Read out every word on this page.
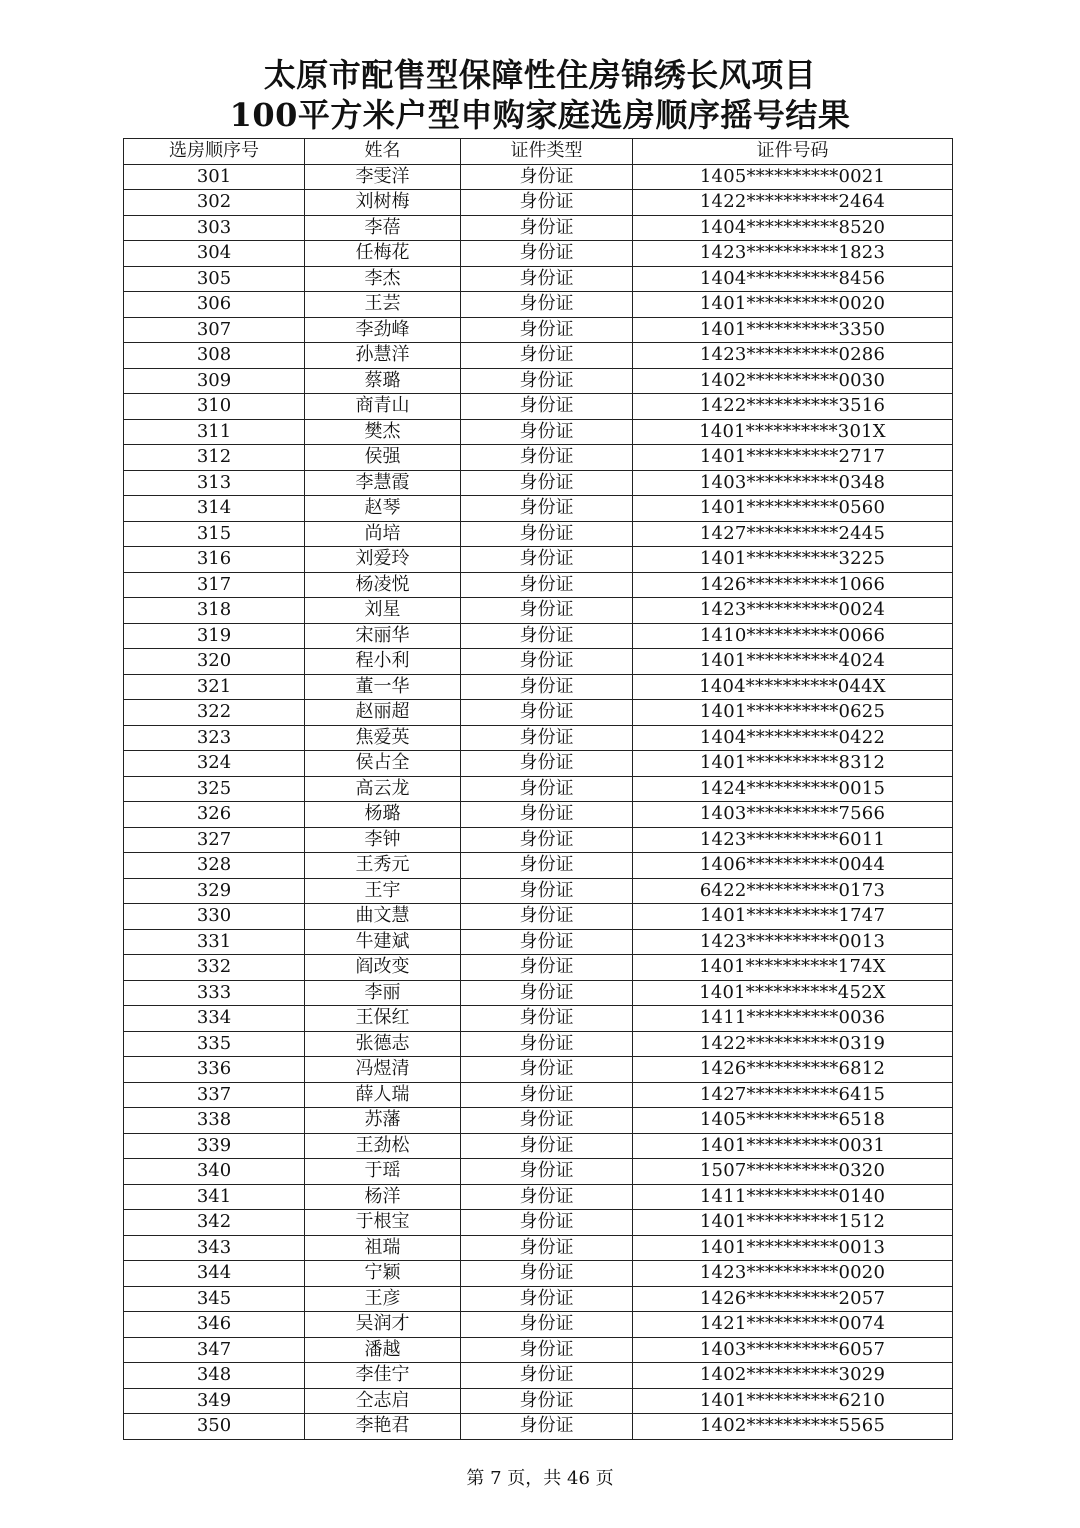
太原市配售型保障性住房锦绣长风项目
100平方米户型申购家庭选房顺序摇号结果
选房顺序号	姓名	证件类型	证件号码
301	李雯洋	身份证	1405**********0021
302	刘树梅	身份证	1422**********2464
303	李蓓	身份证	1404**********8520
304	任梅花	身份证	1423**********1823
305	李杰	身份证	1404**********8456
306	王芸	身份证	1401**********0020
307	李劲峰	身份证	1401**********3350
308	孙慧洋	身份证	1423**********0286
309	蔡璐	身份证	1402**********0030
310	商青山	身份证	1422**********3516
311	樊杰	身份证	1401**********301X
312	侯强	身份证	1401**********2717
313	李慧霞	身份证	1403**********0348
314	赵琴	身份证	1401**********0560
315	尚培	身份证	1427**********2445
316	刘爱玲	身份证	1401**********3225
317	杨凌悦	身份证	1426**********1066
318	刘星	身份证	1423**********0024
319	宋丽华	身份证	1410**********0066
320	程小利	身份证	1401**********4024
321	董一华	身份证	1404**********044X
322	赵丽超	身份证	1401**********0625
323	焦爱英	身份证	1404**********0422
324	侯占全	身份证	1401**********8312
325	高云龙	身份证	1424**********0015
326	杨璐	身份证	1403**********7566
327	李钟	身份证	1423**********6011
328	王秀元	身份证	1406**********0044
329	王宇	身份证	6422**********0173
330	曲文慧	身份证	1401**********1747
331	牛建斌	身份证	1423**********0013
332	阎改变	身份证	1401**********174X
333	李丽	身份证	1401**********452X
334	王保红	身份证	1411**********0036
335	张德志	身份证	1422**********0319
336	冯煜清	身份证	1426**********6812
337	薛人瑞	身份证	1427**********6415
338	苏藩	身份证	1405**********6518
339	王劲松	身份证	1401**********0031
340	于瑶	身份证	1507**********0320
341	杨洋	身份证	1411**********0140
342	于根宝	身份证	1401**********1512
343	祖瑞	身份证	1401**********0013
344	宁颖	身份证	1423**********0020
345	王彦	身份证	1426**********2057
346	吴润才	身份证	1421**********0074
347	潘越	身份证	1403**********6057
348	李佳宁	身份证	1402**********3029
349	仝志启	身份证	1401**********6210
350	李艳君	身份证	1402**********5565
第 7 页，共 46 页
